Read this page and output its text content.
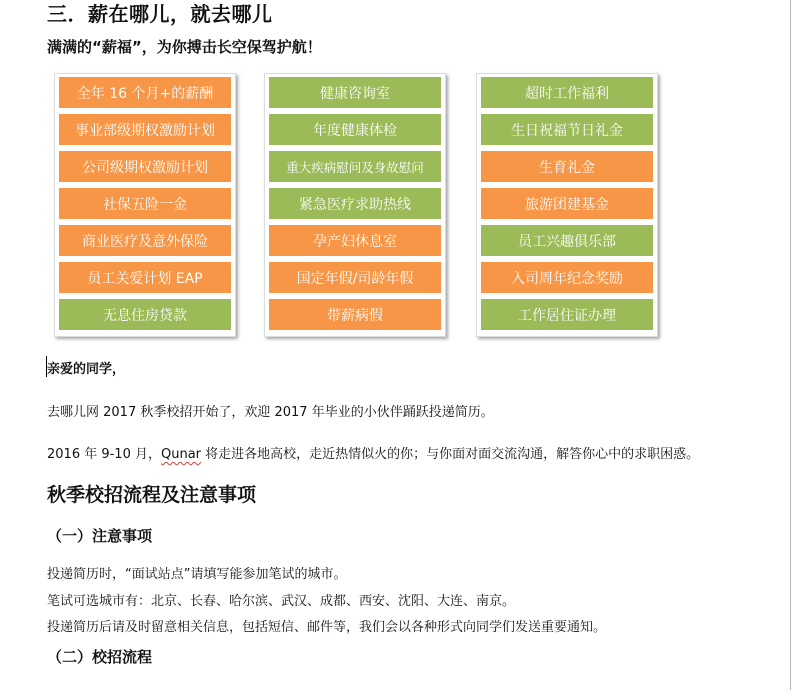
三．薪在哪儿，就去哪儿
满满的“薪福”，为你搏击长空保驾护航！
全年 16 个月+的薪酬
事业部级期权激励计划
公司级期权激励计划
社保五险一金
商业医疗及意外保险
员工关爱计划 EAP
无息住房贷款
健康咨询室
年度健康体检
重大疾病慰问及身故慰问
紧急医疗求助热线
孕产妇休息室
国定年假/司龄年假
带薪病假
超时工作福利
生日祝福节日礼金
生育礼金
旅游团建基金
员工兴趣俱乐部
入司周年纪念奖励
工作居住证办理
亲爱的同学，
去哪儿网 2017 秋季校招开始了，欢迎 2017 年毕业的小伙伴踊跃投递简历。
2016 年 9-10 月，Qunar 将走进各地高校，走近热情似火的你；与你面对面交流沟通，解答你心中的求职困惑。
秋季校招流程及注意事项
（一）注意事项
投递简历时，“面试站点”请填写能参加笔试的城市。
笔试可选城市有：北京、长春、哈尔滨、武汉、成都、西安、沈阳、大连、南京。
投递简历后请及时留意相关信息，包括短信、邮件等，我们会以各种形式向同学们发送重要通知。
（二）校招流程
